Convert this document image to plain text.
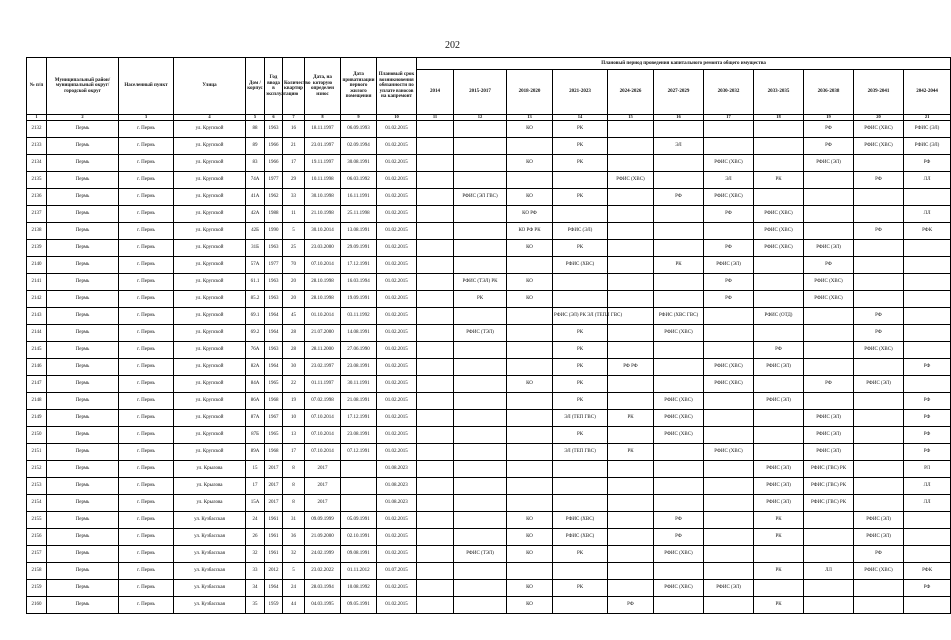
202
№ п/п	Муниципальный район/ муниципальный округ/городской округ	Населенный пункт	Улица	Дом / корпус	Год ввода в эксплуатацию	Количество квартир	Дата, на которую определен износ	Дата приватизации первого жилого помещения	Плановый срок возникновения обязанности по уплате взносов на капремонт	Плановый период проведения капитального ремонта общего имущества										
										2014	2015-2017	2018-2020	2021-2023	2024-2026	2027-2029	2030-2032	2033-2035	2036-2038	2039-2041	2042-2044
1	2	3	4	5	6	7	8	9	10	11	12	13	14	15	16	17	18	19	20	21
2132	Пермь	г. Пермь	ул. Крупской	88	1963	16	18.11.1997	06.09.1993	01.02.2015			КО	РК					РФ	РФИС (ХВС)	РФИС (ЭЛ)
2133	Пермь	г. Пермь	ул. Крупской	89	1966	21	23.01.1997	02.09.1994	01.02.2015				РК		ЭЛ			РФ	РФИС (ХВС)	РФИС (ЭЛ)
2134	Пермь	г. Пермь	ул. Крупской	83	1966	17	19.11.1997	30.08.1991	01.02.2015			КО	РК			РФИС (ХВС)		РФИС (ЭЛ)		РФ
2135	Пермь	г. Пермь	ул. Крупской	74А	1977	29	10.11.1998	06.03.1992	01.02.2015					РФИС (ХВС)		ЭЛ	РК		РФ	ЛЛ
2136	Пермь	г. Пермь	ул. Крупской	41А	1962	33	30.10.1998	16.11.1991	01.02.2015		РФИС (ЭЛ ГВС)	КО	РК		РФ	РФИС (ХВС)				
2137	Пермь	г. Пермь	ул. Крупской	42А	1988	11	21.10.1998	25.11.1998	01.02.2015			КО РФ				РФ	РФИС (ХВС)			ЛЛ
2138	Пермь	г. Пермь	ул. Крупской	42Б	1990	5	30.10.2014	13.08.1991	01.02.2015			КО РФ РК	РФИС (ЭЛ)				РФИС (ХВС)		РФ	РФК
2139	Пермь	г. Пермь	ул. Крупской	31Б	1963	25	23.03.2000	29.09.1991	01.02.2015			КО	РК			РФ	РФИС (ХВС)	РФИС (ЭЛ)		
2140	Пермь	г. Пермь	ул. Крупской	57А	1977	70	07.10.2014	17.12.1991	01.02.2015				РФИС (ХВС)		РК	РФИС (ЭЛ)		РФ		
2141	Пермь	г. Пермь	ул. Крупской	61.1	1963	20	28.10.1998	16.03.1994	01.02.2015		РФИС (ТЭЛ) РК	КО				РФ		РФИС (ХВС)		
2142	Пермь	г. Пермь	ул. Крупской	85.2	1963	20	28.10.1998	19.09.1991	01.02.2015		РК	КО				РФ		РФИС (ХВС)		
2143	Пермь	г. Пермь	ул. Крупской	69.1	1964	45	01.10.2014	03.11.1992	01.02.2015				РФИС (ЭЛ) РК ЭЛ (ТЕПЛ ГВС)		РФИС (ХВС ГВС)		РФИС (ОТД)		РФ	
2144	Пермь	г. Пермь	ул. Крупской	69.2	1964	28	21.07.2000	14.08.1991	01.02.2015		РФИС (ТЭЛ)		РК		РФИС (ХВС)				РФ	
2145	Пермь	г. Пермь	ул. Крупской	76А	1963	28	28.11.2000	27.06.1990	01.02.2015				РК				РФ		РФИС (ХВС)	
2146	Пермь	г. Пермь	ул. Крупской	82А	1964	30	23.02.1997	23.08.1991	01.02.2015				РК	РФ РФ		РФИС (ХВС)	РФИС (ЭЛ)			РФ
2147	Пермь	г. Пермь	ул. Крупской	84А	1965	22	01.11.1997	30.11.1991	01.02.2015			КО	РК			РФИС (ХВС)		РФ	РФИС (ЭЛ)	
2148	Пермь	г. Пермь	ул. Крупской	86А	1968	19	07.02.1998	21.08.1991	01.02.2015				РК		РФИС (ХВС)		РФИС (ЭЛ)			РФ
2149	Пермь	г. Пермь	ул. Крупской	87А	1967	10	07.10.2014	17.12.1991	01.02.2015				ЭЛ (ТЕП ГВС)	РК	РФИС (ХВС)			РФИС (ЭЛ)		РФ
2150	Пермь	г. Пермь	ул. Крупской	87Б	1965	13	07.10.2014	23.08.1991	01.02.2015				РК		РФИС (ХВС)			РФИС (ЭЛ)		РФ
2151	Пермь	г. Пермь	ул. Крупской	89А	1968	17	07.10.2014	07.12.1991	01.02.2015				ЭЛ (ТЕП ГВС)	РК		РФИС (ХВС)		РФИС (ЭЛ)		РФ
2152	Пермь	г. Пермь	ул. Крылова	15	2017	8	2017		01.08.2023								РФИС (ЭЛ)	РФИС (ГВС) РК		РЛ
2153	Пермь	г. Пермь	ул. Крылова	17	2017	8	2017		01.08.2023								РФИС (ЭЛ)	РФИС (ГВС) РК		ЛЛ
2154	Пермь	г. Пермь	ул. Крылова	15А	2017	8	2017		01.08.2023								РФИС (ЭЛ)	РФИС (ГВС) РК		ЛЛ
2155	Пермь	г. Пермь	ул. Кузбасская	24	1961	31	09.09.1999	05.09.1991	01.02.2015			КО	РФИС (ХВС)		РФ		РК		РФИС (ЭЛ)	
2156	Пермь	г. Пермь	ул. Кузбасская	26	1961	36	21.09.2000	02.10.1991	01.02.2015			КО	РФИС (ХВС)		РФ		РК		РФИС (ЭЛ)	
2157	Пермь	г. Пермь	ул. Кузбасская	32	1961	32	24.02.1999	09.08.1991	01.02.2015		РФИС (ТЭЛ)	КО	РК		РФИС (ХВС)				РФ	
2158	Пермь	г. Пермь	ул. Кузбасская	33	2012	5	23.02.2022	01.11.2012	01.07.2015								РК	ЛЛ	РФИС (ХВС)	РФК
2159	Пермь	г. Пермь	ул. Кузбасская	34	1964	24	28.03.1994	10.08.1992	01.02.2015			КО	РК		РФИС (ХВС)	РФИС (ЭЛ)				РФ
2160	Пермь	г. Пермь	ул. Кузбасская	35	1959	44	04.03.1995	09.05.1991	01.02.2015			КО		РФ			РК			
